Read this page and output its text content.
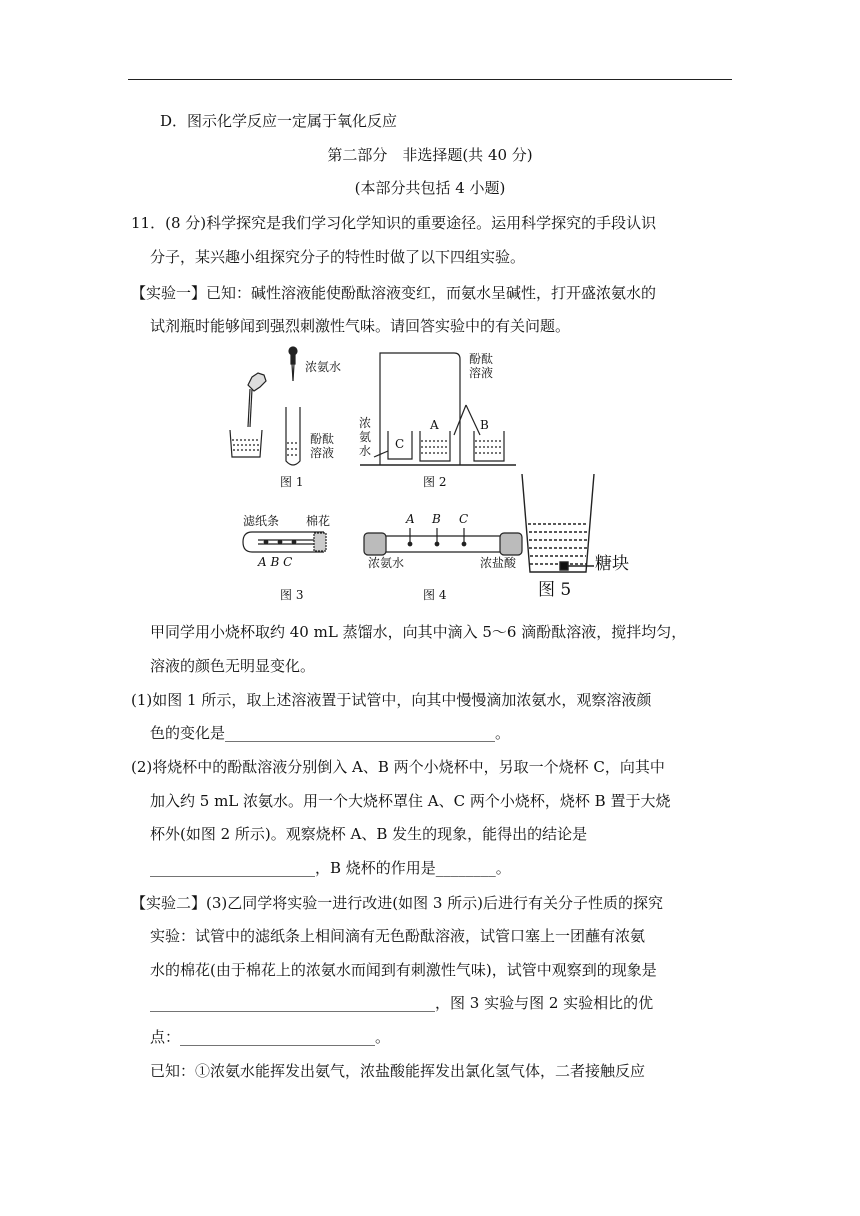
D．图示化学反应一定属于氧化反应
第二部分　非选择题(共 40 分)
(本部分共包括 4 小题)
11．(8 分)科学探究是我们学习化学知识的重要途径。运用科学探究的手段认识
分子，某兴趣小组探究分子的特性时做了以下四组实验。
【实验一】已知：碱性溶液能使酚酞溶液变红，而氨水呈碱性，打开盛浓氨水的
试剂瓶时能够闻到强烈刺激性气味。请回答实验中的有关问题。
浓氨水
酚酞溶液
图 1
酚酞溶液
浓氨水 C
A	B
图 2
滤纸条 棉花
A B C
图 3
A B C
浓氨水	浓盐酸
图 4
糖块
图 5
甲同学用小烧杯取约 40 mL 蒸馏水，向其中滴入 5～6 滴酚酞溶液，搅拌均匀，
溶液的颜色无明显变化。
(1)如图 1 所示，取上述溶液置于试管中，向其中慢慢滴加浓氨水，观察溶液颜
色的变化是____________________________________。
(2)将烧杯中的酚酞溶液分别倒入 A、B 两个小烧杯中，另取一个烧杯 C，向其中
加入约 5 mL 浓氨水。用一个大烧杯罩住 A、C 两个小烧杯，烧杯 B 置于大烧
杯外(如图 2 所示)。观察烧杯 A、B 发生的现象，能得出的结论是
______________________，B 烧杯的作用是________。
【实验二】(3)乙同学将实验一进行改进(如图 3 所示)后进行有关分子性质的探究
实验：试管中的滤纸条上相间滴有无色酚酞溶液，试管口塞上一团蘸有浓氨
水的棉花(由于棉花上的浓氨水而闻到有刺激性气味)，试管中观察到的现象是
______________________________________，图 3 实验与图 2 实验相比的优
点：__________________________。
已知：①浓氨水能挥发出氨气，浓盐酸能挥发出氯化氢气体，二者接触反应
